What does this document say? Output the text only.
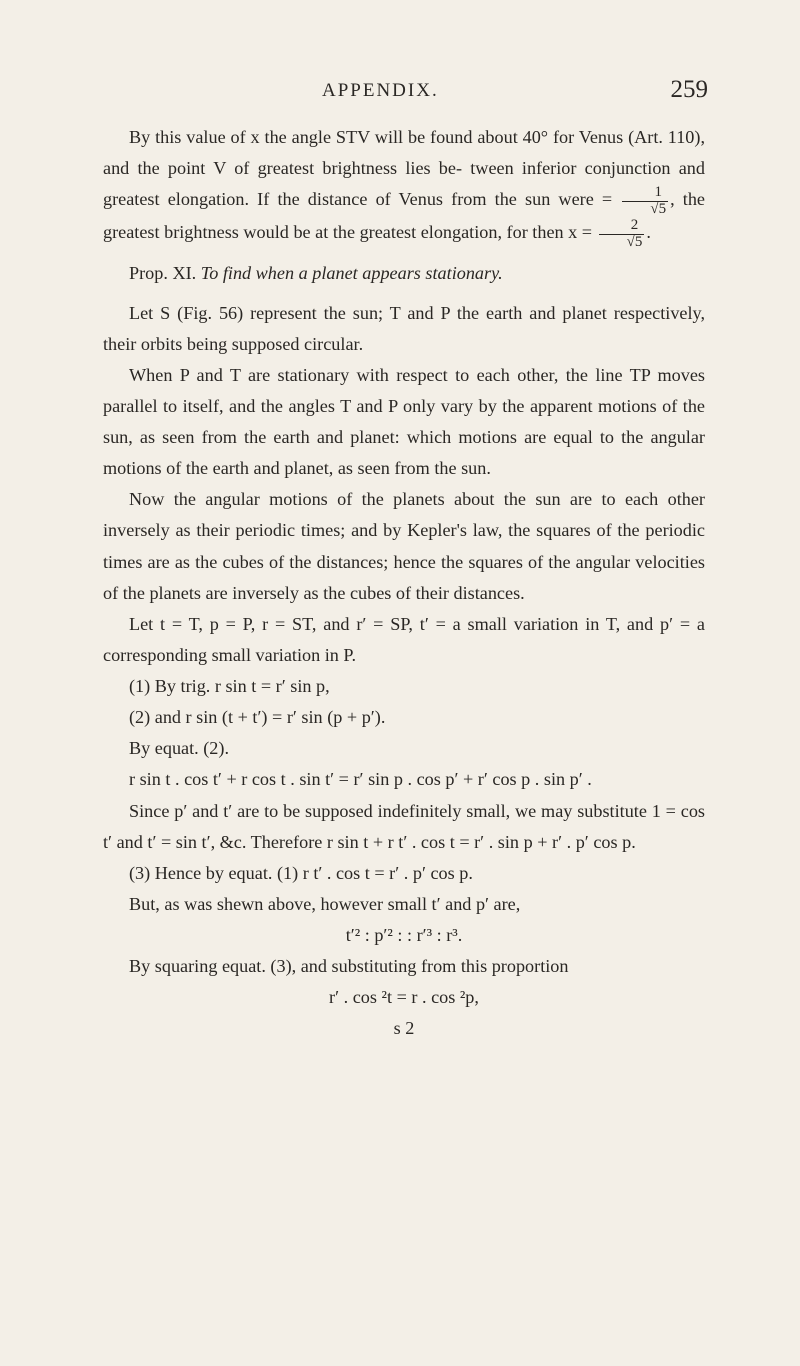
APPENDIX.	259

By this value of x the angle STV will be found about 40° for Venus (Art. 110), and the point V of greatest brightness lies be- tween inferior conjunction and greatest elongation. If the distance of Venus from the sun were = $\frac{1}{√5}$ , the greatest brightness would be at the greatest elongation, for then $x = \frac{2}{√5}$ .

Prop. XI. To find when a planet appears stationary.

Let S (Fig. 56) represent the sun; T and P the earth and planet respectively, their orbits being supposed circular.

When P and T are stationary with respect to each other, the line TP moves parallel to itself, and the angles T and P only vary by the apparent motions of the sun, as seen from the earth and planet: which motions are equal to the angular motions of the earth and planet, as seen from the sun.

Now the angular motions of the planets about the sun are to each other inversely as their periodic times; and by Kepler's law, the squares of the periodic times are as the cubes of the distances; hence the squares of the angular velocities of the planets are inversely as the cubes of their distances.

Let t = T, p = P, r = ST, and r′ = SP, t′ = a small variation in T, and p′ = a corresponding small variation in P.

(1) By trig. r sin t = r′ sin p,

(2) and r sin (t + t′) = r′ sin (p + p′).

By equat. (2).

r sin t . cos t′ + r cos t . sin t′ = r′ sin p . cos p′ + r′ cos p . sin p′ .

Since p′ and t′ are to be supposed indefinitely small, we may substitute 1 = cos t′ and t′ = sin t′, &c. Therefore r sin t + r t′ . cos t = r′ . sin p + r′ . p′ cos p.

(3) Hence by equat. (1) r t′ . cos t = r′ . p′ cos p.

But, as was shewn above, however small t′ and p′ are,

t′² : p′² : : r′³ : r³.

By squaring equat. (3), and substituting from this proportion

r′ . cos ²t = r . cos ²p,

s 2
